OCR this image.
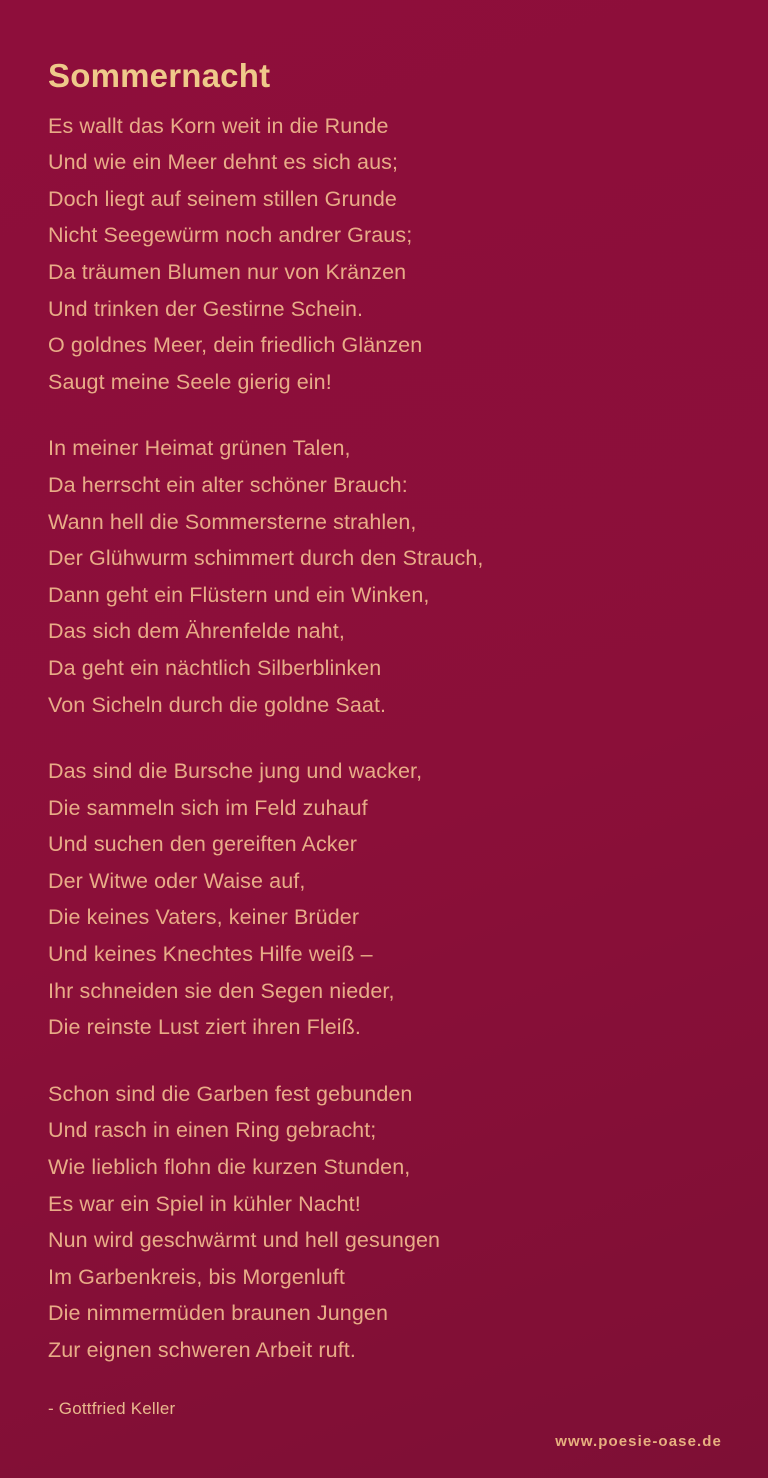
Sommernacht
Es wallt das Korn weit in die Runde
Und wie ein Meer dehnt es sich aus;
Doch liegt auf seinem stillen Grunde
Nicht Seegewürm noch andrer Graus;
Da träumen Blumen nur von Kränzen
Und trinken der Gestirne Schein.
O goldnes Meer, dein friedlich Glänzen
Saugt meine Seele gierig ein!
In meiner Heimat grünen Talen,
Da herrscht ein alter schöner Brauch:
Wann hell die Sommersterne strahlen,
Der Glühwurm schimmert durch den Strauch,
Dann geht ein Flüstern und ein Winken,
Das sich dem Ährenfelde naht,
Da geht ein nächtlich Silberblinken
Von Sicheln durch die goldne Saat.
Das sind die Bursche jung und wacker,
Die sammeln sich im Feld zuhauf
Und suchen den gereiften Acker
Der Witwe oder Waise auf,
Die keines Vaters, keiner Brüder
Und keines Knechtes Hilfe weiß –
Ihr schneiden sie den Segen nieder,
Die reinste Lust ziert ihren Fleiß.
Schon sind die Garben fest gebunden
Und rasch in einen Ring gebracht;
Wie lieblich flohn die kurzen Stunden,
Es war ein Spiel in kühler Nacht!
Nun wird geschwärmt und hell gesungen
Im Garbenkreis, bis Morgenluft
Die nimmermüden braunen Jungen
Zur eignen schweren Arbeit ruft.
- Gottfried Keller
www.poesie-oase.de
